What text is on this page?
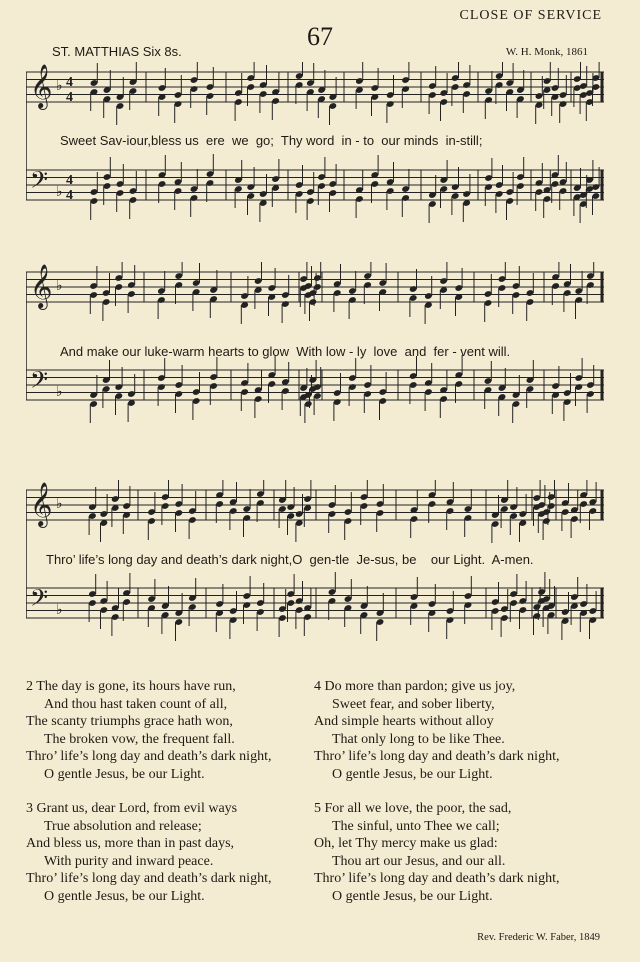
CLOSE OF SERVICE
67
ST. MATTHIAS Six 8s.	W. H. Monk, 1861
𝄞 ♭ 4
4
𝄢 ♭
4
4
Sweet Sav-iour,bless us  ere  we  go;  Thy word  in - to  our minds  in-still;
𝄞 ♭
𝄢 ♭
And make our luke-warm hearts to glow  With low - ly  love  and  fer - vent will.
𝄞 ♭
𝄢 ♭
Thro’ life’s long day and death’s dark night,O  gen-tle  Je-sus, be    our Light.  A-men.
2 The day is gone, its hours have run,
And thou hast taken count of all,
The scanty triumphs grace hath won,
The broken vow, the frequent fall.
Thro’ life’s long day and death’s dark night,
O gentle Jesus, be our Light.
3 Grant us, dear Lord, from evil ways
True absolution and release;
And bless us, more than in past days,
With purity and inward peace.
Thro’ life’s long day and death’s dark night,
O gentle Jesus, be our Light.
4 Do more than pardon; give us joy,
Sweet fear, and sober liberty,
And simple hearts without alloy
That only long to be like Thee.
Thro’ life’s long day and death’s dark night,
O gentle Jesus, be our Light.
5 For all we love, the poor, the sad,
The sinful, unto Thee we call;
Oh, let Thy mercy make us glad:
Thou art our Jesus, and our all.
Thro’ life’s long day and death’s dark night,
O gentle Jesus, be our Light.
Rev. Frederic W. Faber, 1849
